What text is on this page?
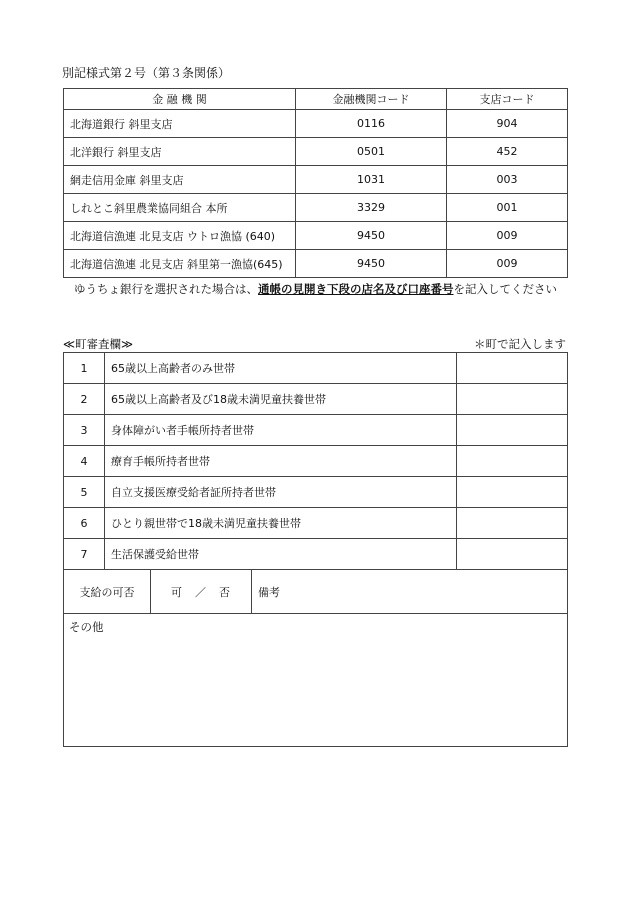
別記様式第２号（第３条関係）
金 融 機 関	金融機関コード	支店コード
北海道銀行 斜里支店	0116	904
北洋銀行 斜里支店	0501	452
網走信用金庫 斜里支店	1031	003
しれとこ斜里農業協同組合 本所	3329	001
北海道信漁連 北見支店 ウトロ漁協 (640)	9450	009
北海道信漁連 北見支店 斜里第一漁協(645)	9450	009
ゆうちょ銀行を選択された場合は、通帳の見開き下段の店名及び口座番号を記入してください
≪町審査欄≫	＊町で記入します
1	65歳以上高齢者のみ世帯	
2	65歳以上高齢者及び18歳未満児童扶養世帯	
3	身体障がい者手帳所持者世帯	
4	療育手帳所持者世帯	
5	自立支援医療受給者証所持者世帯	
6	ひとり親世帯で18歳未満児童扶養世帯	
7	生活保護受給世帯	
支給の可否	可　／　否	備考
その他
